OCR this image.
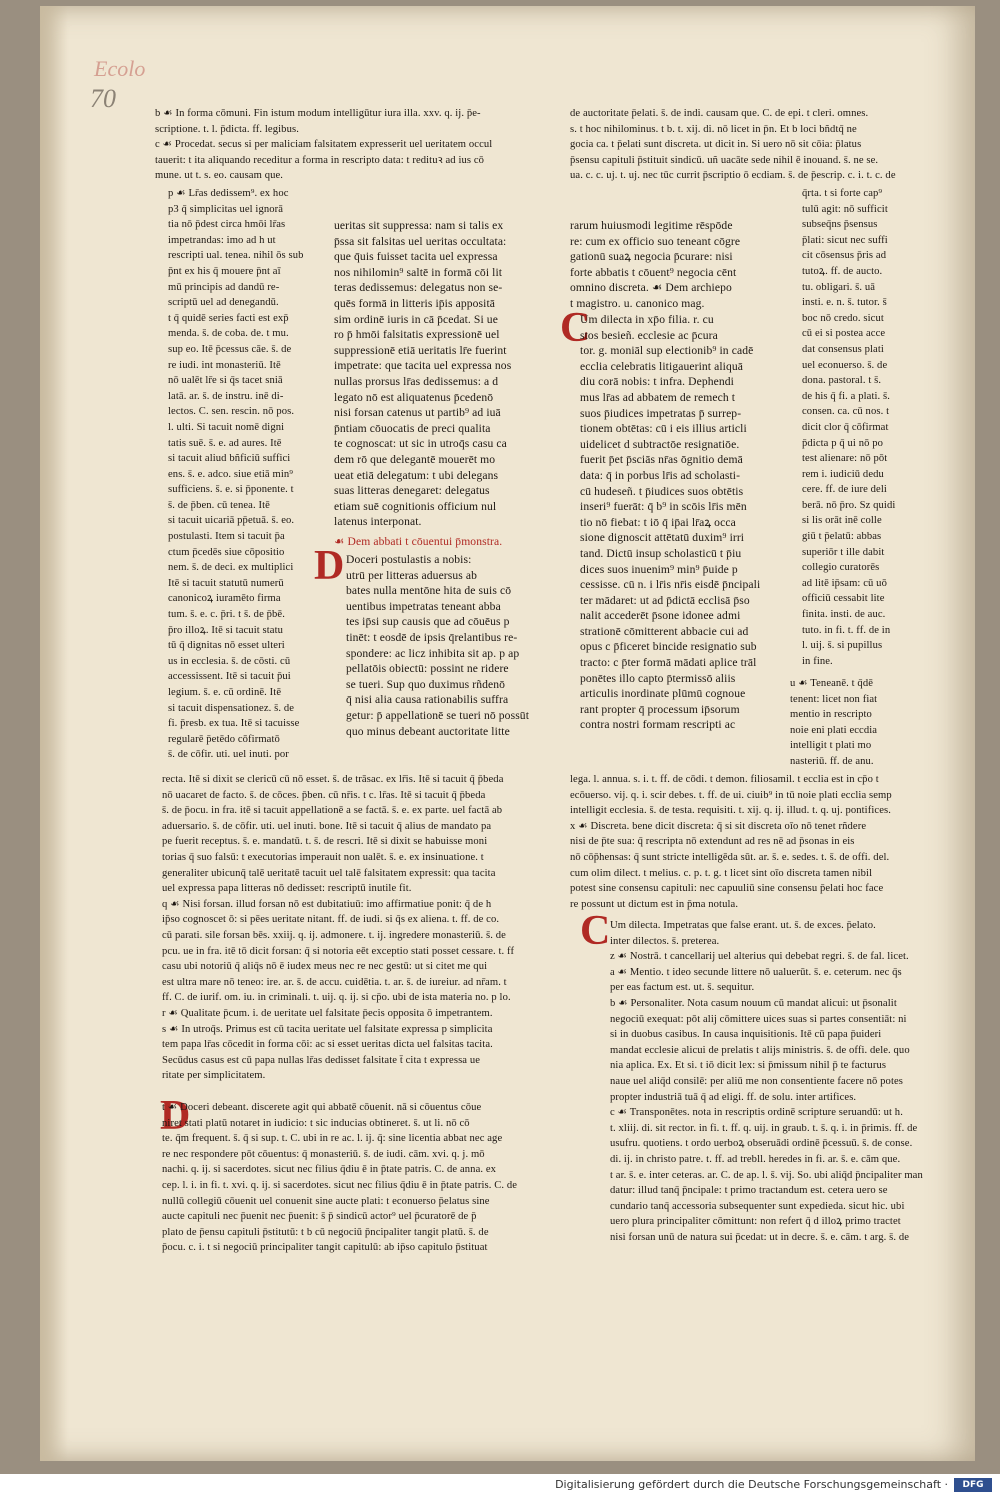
Ecolo
70

b ☙ In forma cōmuni. Fin istum modum intelligūtur iura illa. xxv. q. ij. p̄e-

scriptione. t. l. p̄dicta. ff. legibus.

c ☙ Procedat. secus si per maliciam falsitatem expresserit uel ueritatem occul

tauerit: t ita aliquando receditur a forma in rescripto data: t redituꝛ ad ius cō

mune. ut t. s. eo. causam que.

p ☙ Lr̄as dedissem⁹. ex hoc

p3 q̄ simplicitas uel ignorā

tia nō p̄dest circa hmōi lr̄as

impetrandas: imo ad h ut

rescripti ual. tenea. nihil ōs sub

p̄nt ex his q̄ mouere p̄nt aī

mū principis ad dandū re-

scriptū uel ad denegandū.

t q̄ quidē series facti est exp̄

menda. s̄. de coba. de. t mu.

sup eo. Itē p̄cessus cāe. s̄. de

re iudi. int monasteriū. Itē

nō ualēt lr̄e si q̄s tacet sniā

latā. ar. s̄. de instru. inē di-

lectos. C. sen. rescin. nō pos.

l. ulti. Si tacuit nomē digni

tatis suē. s̄. e. ad aures. Itē

si tacuit aliud bñficiū suffici

ens. s̄. e. adco. siue etiā min⁹

sufficiens. s̄. e. si p̄ponente. t

s̄. de p̄ben. cū tenea. Itē

si tacuit uicariā pp̄etuā. s̄. eo.

postulasti. Item si tacuit p̄a

ctum p̄cedēs siue cōpositio

nem. s̄. de deci. ex multiplici

Itē si tacuit statutū numerū

canonicoꝝ iuramēto firma

tum. s̄. e. c. p̄ri. t s̄. de p̄bē.

p̄ro illoꝝ. Itē si tacuit statu

tū q̄ dignitas nō esset ulteri

us in ecclesia. s̄. de cōsti. cū

accessissent. Itē si tacuit p̄ui

legium. s̄. e. cū ordinē. Itē

si tacuit dispensationez. s̄. de

fi. p̄resb. ex tua. Itē si tacuisse

regularē p̄etēdo cōfirmatō

s̄. de cōfir. uti. uel inuti. por

ueritas sit suppressa: nam si talis ex

p̄ssa sit falsitas uel ueritas occultata:

que q̄uis fuisset tacita uel expressa

nos nihilomin⁹ saltē in formā cōi lit

teras dedissemus: delegatus non se-

quēs formā in litteris ip̄is appositā

sim ordinē iuris in cā p̄cedat. Si ue

ro p̄ hmōi falsitatis expressionē uel

suppressionē etiā ueritatis lr̄e fuerint

impetrate: que tacita uel expressa nos

nullas prorsus lr̄as dedissemus: a d

legato nō est aliquatenus p̄cedenō

nisi forsan catenus ut partib⁹ ad iuā

p̄ntiam cōuocatis de preci qualita

te cognoscat: ut sic in utroq̄s casu ca

dem rō que delegantē mouerēt mo

ueat etiā delegatum: t ubi delegans

suas litteras denegaret: delegatus

etiam suē cognitionis officium nul

latenus interponat.

☙ Dem abbati t cōuentui p̄monstra.

D Doceri postulastis a nobis:

utrū per litteras aduersus ab

bates nulla mentōne hita de suis cō

uentibus impetratas teneant abba

tes ip̄si sup causis que ad cōuēus p

tinēt: t eosdē de ipsis q̄relantibus re-

spondere: ac licz inhibita sit ap. p ap

pellatōis obiectū: possint ne ridere

se tueri. Sup quo duximus rñdenō

q̄ nisi alia causa rationabilis suffra

getur: p̄ appellationē se tueri nō possūt

quo minus debeant auctoritate litte

rarum huiusmodi legitime rēspōde

re: cum ex officio suo teneant cōgre

gationū suaꝝ negocia p̄curare: nisi

forte abbatis t cōuent⁹ negocia cēnt

omnino discreta. ☙ Dem archiepo

t magistro. u. canonico mag.

C

Um dilecta in xp̄o filia. r. cu

stos besieñ. ecclesie ac p̄cura

tor. g. moniāl sup electionib⁹ in cadē

ecclia celebratis litigauerint aliquā

diu corā nobis: t infra. Dephendi

mus lr̄as ad abbatem de remech t

suos p̄iudices impetratas p̄ surrep-

tionem obtētas: cū i eis illius articli

uidelicet d subtractōe resignatiōe.

fuerit p̄et p̄sciās nr̄as ōgnitio demā

data: q̄ in porbus lr̄is ad scholasti-

cū hudeseñ. t p̄iudices suos obtētis

inseri⁹ fuerāt: q̄ b⁹ in scōis lr̄is mēn

tio nō fiebat: t iō q̄ ip̄ai lr̄aꝝ occa

sione dignoscit attētatū duxim⁹ irri

tand. Dictū insup scholasticū t p̄iu

dices suos inuenim⁹ min⁹ p̄uide p

cessisse. cū n. i lr̄is nr̄is eisdē p̄ncipali

ter mādaret: ut ad p̄dictā ecclisā p̄so

nalit accederēt p̄sone idonee admi

strationē cōmitterent abbacie cui ad

opus c p̄ficeret bincide resignatio sub

tracto: c p̄ter formā mādati aplice trāl

ponētes illo capto p̄termissō aliis

articulis inordinate plūmū cognoue

rant propter q̄ processum ip̄sorum

contra nostri formam rescripti ac

de auctoritate p̄elati. s̄. de indi. causam que. C. de epi. t cleri. omnes.

s. t hoc nihilominus. t b. t. xij. di. nō licet in p̄n. Et b loci bñdtq̄ ne

gocia ca. t p̄elati sunt discreta. ut dicit in. Si uero nō sit cōia: p̄latus

p̄sensu capituli p̄stituit sindicū. uñ uacāte sede nihil ē inouand. s̄. ne se.

ua. c. c. uj. t. uj. nec tūc currit p̄scriptio ō ecdiam. s̄. de p̄escrip. c. i. t. c. de

q̄rta. t si forte cap⁹

tulū agit: nō sufficit

subseq̄ns p̄sensus

p̄lati: sicut nec suffi

cit cōsensus p̄ris ad

tutoꝝ. ff. de aucto.

tu. obligari. s̄. uā

insti. e. n. s̄. tutor. s̄

boc nō credo. sicut

cū ei si postea acce

dat consensus plati

uel econuerso. s̄. de

dona. pastoral. t s̄.

de his q̄ fi. a plati. s̄.

consen. ca. cū nos. t

dicit clor q̄ cōfirmat

p̄dicta p q̄ ui nō po

test alienare: nō pōt

rem i. iudiciū dedu

cere. ff. de iure deli

berā. nō p̄ro. Sz quidi

si lis orāt inē colle

giū t p̄elatū: abbas

superiōr t ille dabit

collegio curatorēs

ad litē ip̄sam: cū uō

officiū cessabit lite

finita. insti. de auc.

tuto. in fi. t. ff. de in

l. uij. s̄. si pupillus

in fine.

u ☙ Teneanē. t q̄dē

tenent: licet non fiat

mentio in rescripto

noie eni plati eccdia

intelligit t plati mo

nasteriū. ff. de anu.

recta. Itē si dixit se clericū cū nō esset. s̄. de trāsac. ex lr̄is. Itē si tacuit q̄ p̄beda

nō uacaret de facto. s̄. de cōces. p̄ben. cū nr̄is. t c. lr̄as. Itē si tacuit q̄ p̄beda

s̄. de p̄ocu. in fra. itē si tacuit appellationē a se factā. s̄. e. ex parte. uel factā ab

aduersario. s̄. de cōfir. uti. uel inuti. bone. Itē si tacuit q̄ alius de mandato pa

pe fuerit receptus. s̄. e. mandatū. t. s̄. de rescri. Itē si dixit se habuisse moni

torias q̄ suo falsū: t executorias imperauit non ualēt. s̄. e. ex insinuatione. t

generaliter ubicunq̄ talē ueritatē tacuit uel talē falsitatem expressit: qua tacita

uel expressa papa litteras nō dedisset: rescriptū inutile fit.

q ☙ Nisi forsan. illud forsan nō est dubitatiuū: imo affirmatiue ponit: q̄ de h

ip̄so cognoscet ō: si pēes ueritate nitant. ff. de iudi. si q̄s ex aliena. t. ff. de co.

cū parati. sile forsan bēs. xxiij. q. ij. admonere. t. ij. ingredere monasteriū. s̄. de

pcu. ue in fra. itē tō dicit forsan: q̄ si notoria eēt exceptio stati posset cessare. t. ff

casu ubi notoriū q̄ aliq̄s nō ē iudex meus nec re nec gestū: ut si citet me qui

est ultra mare nō teneo: ire. ar. s̄. de accu. cuidētia. t. ar. s̄. de iureiur. ad nr̄am. t

ff. C. de iurif. om. iu. in criminali. t. uij. q. ij. si cp̄o. ubi de ista materia no. p lo.

r ☙ Qualitate p̄cum. i. de ueritate uel falsitate p̄ecis opposita ō impetrantem.

s ☙ In utroq̄s. Primus est cū tacita ueritate uel falsitate expressa p simplicita

tem papa lr̄as cōcedit in forma cōi: ac si esset ueritas dicta uel falsitas tacita.

Secūdus casus est cū papa nullas lr̄as dedisset falsitate t̄ cita t expressa ue

ritate per simplicitatem.

D

t ☙ Doceri debeant. discerete agit qui abbatē cōuenit. nā si cōuentus cōue

niret stati platū notaret in iudicio: t sic inducias obtineret. s̄. ut li. nō cō

te. q̄m frequent. s̄. q̄ si sup. t. C. ubi in re ac. l. ij. q̄: sine licentia abbat nec age

re nec respondere pōt cōuentus: q̄ monasteriū. s̄. de iudi. cām. xvi. q. j. mō

nachi. q. ij. si sacerdotes. sicut nec filius q̄diu ē in p̄tate patris. C. de anna. ex

cep. l. i. in fi. t. xvi. q. ij. si sacerdotes. sicut nec filius q̄diu ē in p̄tate patris. C. de

nullū collegiū cōuenit uel conuenit sine aucte plati: t econuerso p̄elatus sine

aucte capituli nec p̄uenit nec p̄uenit: s̄ p̄ sindicū actor⁹ uel p̄curatorē de p̄

plato de p̄ensu capituli p̄stitutū: t b cū negociū p̄ncipaliter tangit platū. s̄. de

p̄ocu. c. i. t si negociū principaliter tangit capitulū: ab ip̄so capitulo p̄stituat

lega. l. annua. s. i. t. ff. de cōdi. t demon. filiosamil. t ecclia est in cp̄o t

ecōuerso. vij. q. i. scir debes. t. ff. de ui. ciuib⁹ in tū noie plati ecclia semp

intelligit ecclesia. s̄. de testa. requisiti. t. xij. q. ij. illud. t. q. uj. pontifices.

x ☙ Discreta. bene dicit discreta: q̄ si sit discreta oīo nō tenet rñdere

nisi de p̄te sua: q̄ rescripta nō extendunt ad res nē ad p̄sonas in eis

nō cōp̄hensas: q̄ sunt stricte intelligēda sūt. ar. s̄. e. sedes. t. s̄. de offi. del.

cum olim dilect. t melius. c. p. t. g. t licet sint oīo discreta tamen nibil

potest sine consensu capituli: nec capuuliū sine consensu p̄elati hoc face

re possunt ut dictum est in p̄ma notula.

C Um dilecta. Impetratas que false erant. ut. s̄. de exces. p̄elato.

inter dilectos. s̄. preterea.

z ☙ Nostrā. t cancellarij uel alterius qui debebat regri. s̄. de fal. licet.

a ☙ Mentio. t ideo secunde littere nō ualuerūt. s̄. e. ceterum. nec q̄s

per eas factum est. ut. s̄. sequitur.

b ☙ Personaliter. Nota casum nouum cū mandat alicui: ut p̄sonalit

negociū exequat: pōt alij cōmittere uices suas si partes consentiāt: ni

si in duobus casibus. In causa inquisitionis. Itē cū papa p̄uideri

mandat ecclesie alicui de prelatis t alijs ministris. s̄. de offi. dele. quo

nia aplica. Ex. Et si. t iō dicit lex: si p̄missum nihil p̄ te facturus

naue uel aliq̄d consilē: per aliū me non consentiente facere nō potes

propter industriā tuā q̄ ad eligi. ff. de solu. inter artifices.

c ☙ Transponētes. nota in rescriptis ordinē scripture seruandū: ut h.

t. xliij. di. sit rector. in fi. t. ff. q. uij. in graub. t. s̄. q. i. in p̄rimis. ff. de

usufru. quotiens. t ordo uerboꝝ obseruādi ordinē p̄cessuū. s̄. de conse.

di. ij. in christo patre. t. ff. ad trebll. heredes in fi. ar. s̄. e. cām que.

t ar. s̄. e. inter ceteras. ar. C. de ap. l. s̄. vij. So. ubi aliq̄d p̄ncipaliter man

datur: illud tanq̄ p̄ncipale: t primo tractandum est. cetera uero se

cundario tanq̄ accessoria subsequenter sunt expedieda. sicut hic. ubi

uero plura principaliter cōmittunt: non refert q̄ d illoꝝ primo tractet

nisi forsan unū de natura sui p̄cedat: ut in decre. s̄. e. cām. t arg. s̄. de

Digitalisierung gefördert durch die Deutsche Forschungsgemeinschaft ·	DFG
